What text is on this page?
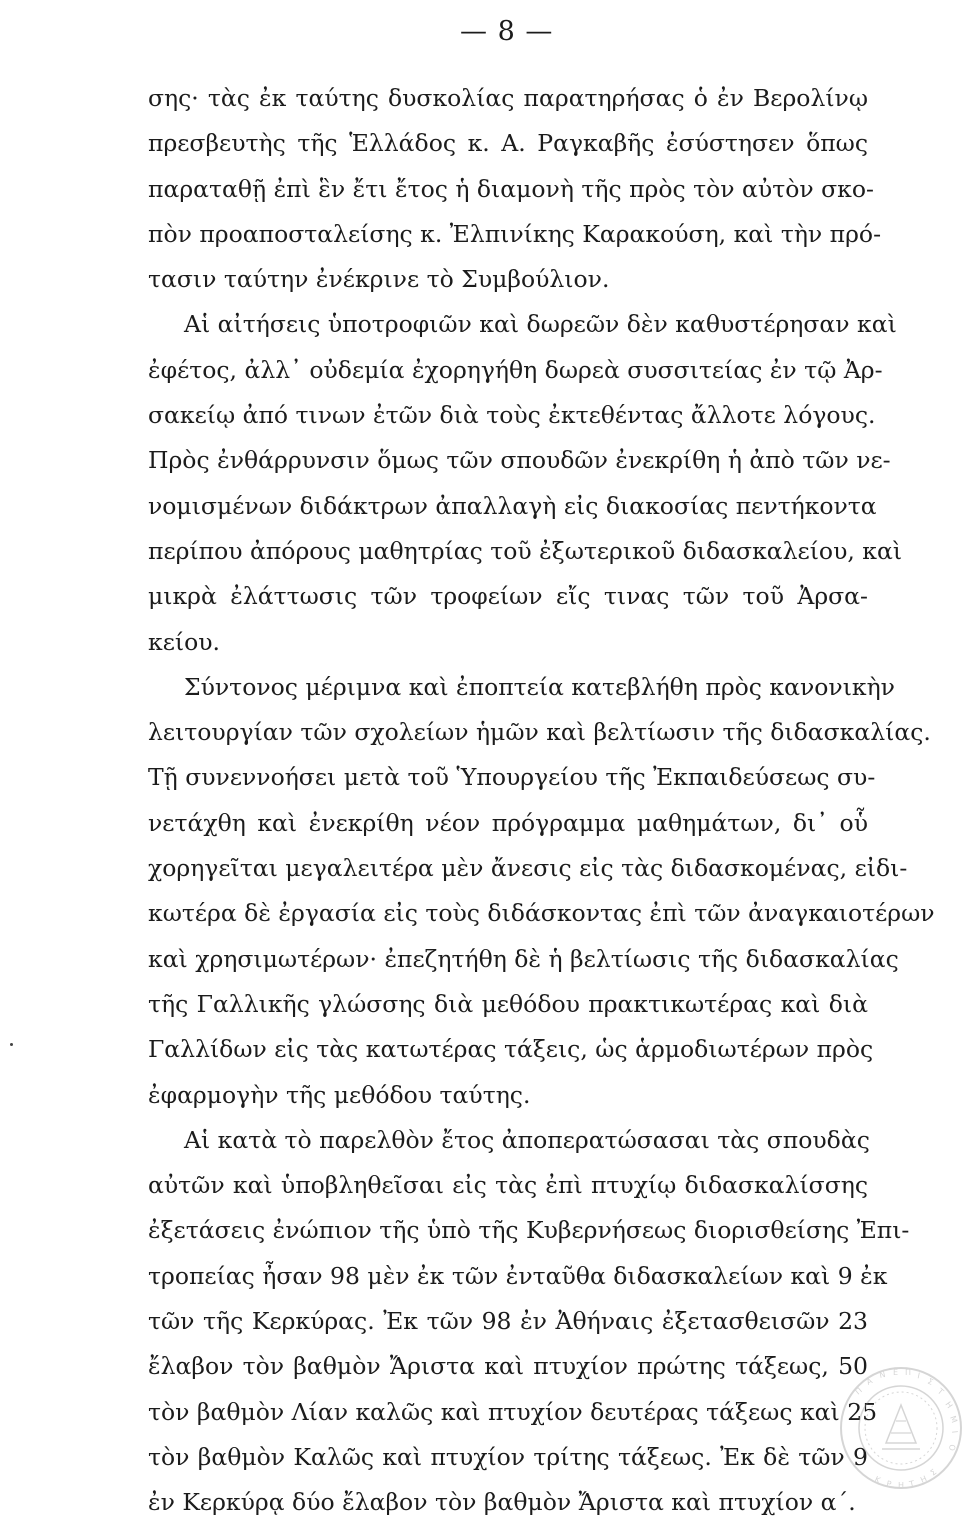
— 8 —
σης· τὰς ἐκ ταύτης δυσκολίας παρατηρήσας ὁ ἐν Βερολίνῳ
πρεσβευτὴς τῆς Ἑλλάδος κ. Α. Ραγκαβῆς ἐσύστησεν ὅπως
παραταθῇ ἐπὶ ἓν ἔτι ἔτος ἡ διαμονὴ τῆς πρὸς τὸν αὐτὸν σκο-
πὸν προαποσταλείσης κ. Ἐλπινίκης Καρακούση, καὶ τὴν πρό-
τασιν ταύτην ἐνέκρινε τὸ Συμβούλιον.
Αἱ αἰτήσεις ὑποτροφιῶν καὶ δωρεῶν δὲν καθυστέρησαν καὶ
ἐφέτος, ἀλλ᾽ οὐδεμία ἐχορηγήθη δωρεὰ συσσιτείας ἐν τῷ Ἀρ-
σακείῳ ἀπό τινων ἐτῶν διὰ τοὺς ἐκτεθέντας ἄλλοτε λόγους.
Πρὸς ἐνθάρρυνσιν ὅμως τῶν σπουδῶν ἐνεκρίθη ἡ ἀπὸ τῶν νε-
νομισμένων διδάκτρων ἀπαλλαγὴ εἰς διακοσίας πεντήκοντα
περίπου ἀπόρους μαθητρίας τοῦ ἐξωτερικοῦ διδασκαλείου, καὶ
μικρὰ ἐλάττωσις τῶν τροφείων εἴς τινας τῶν τοῦ Ἀρσα-
κείου.
Σύντονος μέριμνα καὶ ἐποπτεία κατεβλήθη πρὸς κανονικὴν
λειτουργίαν τῶν σχολείων ἡμῶν καὶ βελτίωσιν τῆς διδασκαλίας.
Τῇ συνεννοήσει μετὰ τοῦ Ὑπουργείου τῆς Ἐκπαιδεύσεως συ-
νετάχθη καὶ ἐνεκρίθη νέον πρόγραμμα μαθημάτων, δι᾽ οὗ
χορηγεῖται μεγαλειτέρα μὲν ἄνεσις εἰς τὰς διδασκομένας, εἰδι-
κωτέρα δὲ ἐργασία εἰς τοὺς διδάσκοντας ἐπὶ τῶν ἀναγκαιοτέρων
καὶ χρησιμωτέρων· ἐπεζητήθη δὲ ἡ βελτίωσις τῆς διδασκαλίας
τῆς Γαλλικῆς γλώσσης διὰ μεθόδου πρακτικωτέρας καὶ διὰ
Γαλλίδων εἰς τὰς κατωτέρας τάξεις, ὡς ἁρμοδιωτέρων πρὸς
ἐφαρμογὴν τῆς μεθόδου ταύτης.
Αἱ κατὰ τὸ παρελθὸν ἔτος ἀποπερατώσασαι τὰς σπουδὰς
αὐτῶν καὶ ὑποβληθεῖσαι εἰς τὰς ἐπὶ πτυχίῳ διδασκαλίσσης
ἐξετάσεις ἐνώπιον τῆς ὑπὸ τῆς Κυβερνήσεως διορισθείσης Ἐπι-
τροπείας ἦσαν 98 μὲν ἐκ τῶν ἐνταῦθα διδασκαλείων καὶ 9 ἐκ
τῶν τῆς Κερκύρας. Ἐκ τῶν 98 ἐν Ἀθήναις ἐξετασθεισῶν 23
ἔλαβον τὸν βαθμὸν Ἄριστα καὶ πτυχίον πρώτης τάξεως, 50
τὸν βαθμὸν Λίαν καλῶς καὶ πτυχίον δευτέρας τάξεως καὶ 25
τὸν βαθμὸν Καλῶς καὶ πτυχίον τρίτης τάξεως. Ἐκ δὲ τῶν 9
ἐν Κερκύρᾳ δύο ἔλαβον τὸν βαθμὸν Ἄριστα καὶ πτυχίον α΄.
Π
Α
Ν Ε Π Ι
Σ
Τ
Η
Μ
Ι
Ο
Κ Ρ Η Τ Η
Σ
